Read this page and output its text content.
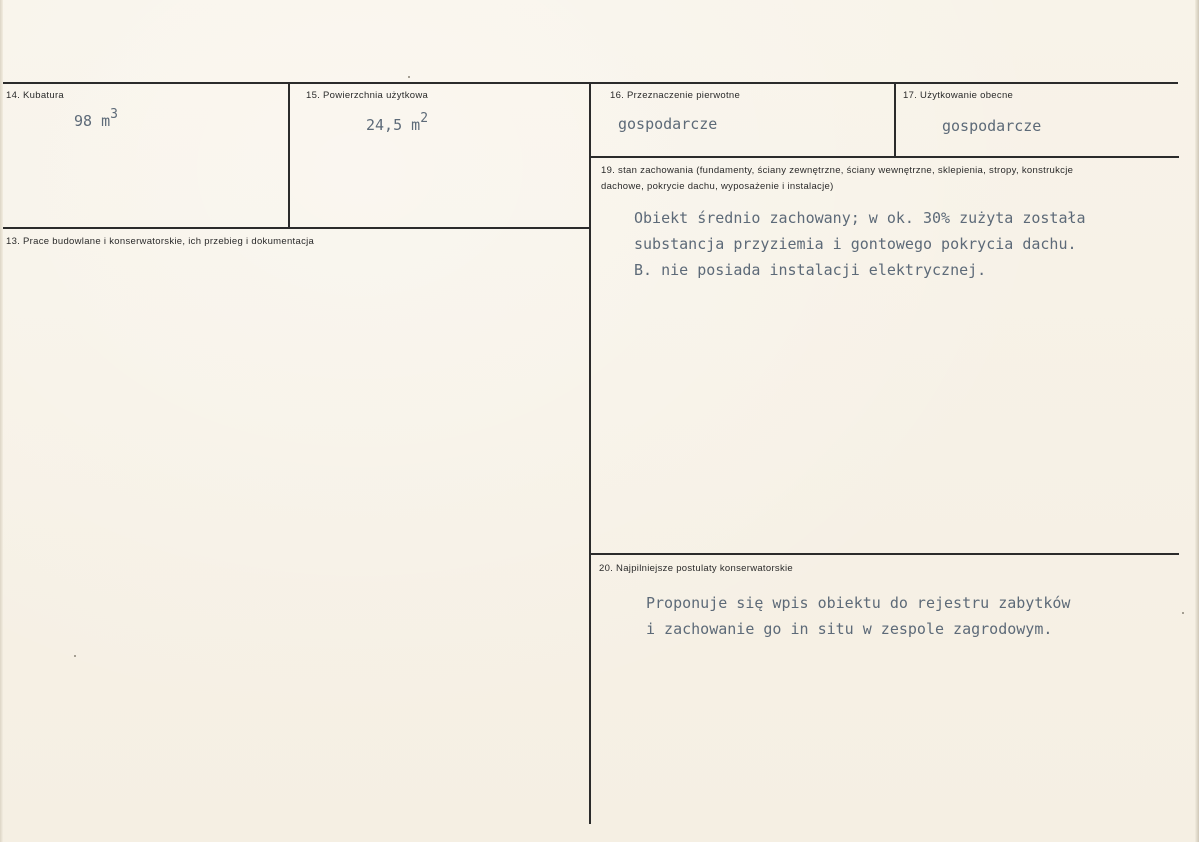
14. Kubatura
98 $m^3$
15. Powierzchnia użytkowa
24,5 $m^2$
16. Przeznaczenie pierwotne
gospodarcze
17. Użytkowanie obecne
gospodarcze
13. Prace budowlane i konserwatorskie, ich przebieg i dokumentacja
19. stan zachowania (fundamenty, ściany zewnętrzne, ściany wewnętrzne, sklepienia, stropy, konstrukcje dachowe, pokrycie dachu, wyposażenie i instalacje)
Obiekt średnio zachowany; w ok. 30% zużyta została
substancja przyziemia i gontowego pokrycia dachu.
B. nie posiada instalacji elektrycznej.
20. Najpilniejsze postulaty konserwatorskie
Proponuje się wpis obiektu do rejestru zabytków
i zachowanie go in situ w zespole zagrodowym.
